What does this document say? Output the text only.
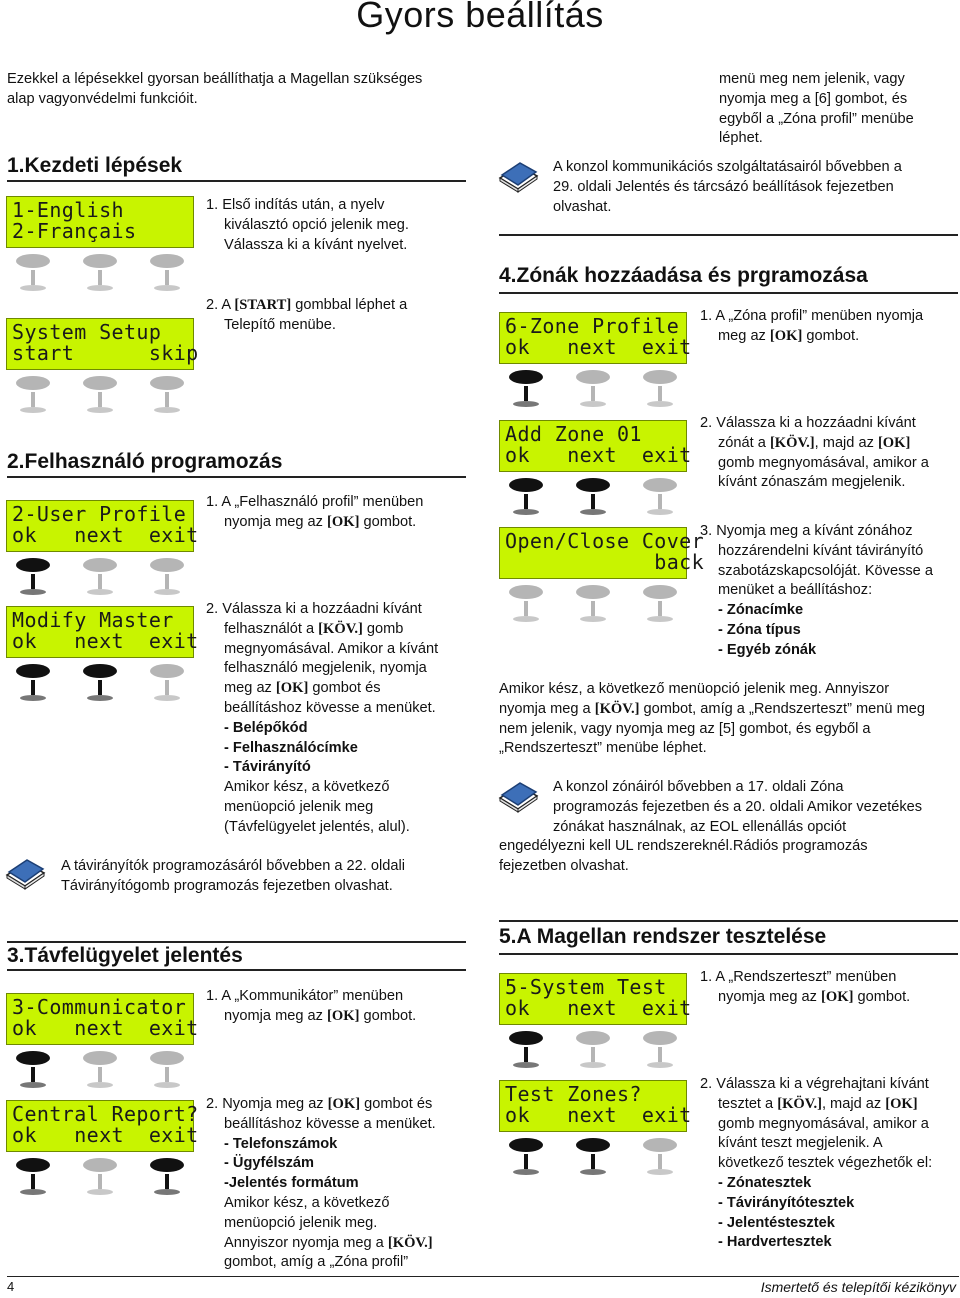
Gyors beállítás
Ezekkel a lépésekkel gyorsan beállíthatja a Magellan szükséges
alap vagyonvédelmi funkcióit.
1.Kezdeti lépések
1-English
2-Français
1. Első indítás után, a nyelv
kiválasztó opció jelenik meg.
Válassza ki a kívánt nyelvet.
System Setup
start      skip
2. A [START] gombbal léphet a
Telepítő menübe.
2.Felhasználó programozás
2-User Profile
ok   next  exit
1. A „Felhasználó profil” menüben
nyomja meg az [OK] gombot.
Modify Master
ok   next  exit
2. Válassza ki a hozzáadni kívánt
felhasználót a [KÖV.] gomb
megnyomásával. Amikor a kívánt
felhasználó megjelenik, nyomja
meg az [OK] gombot és
beállításhoz kövesse a menüket.
- Belépőkód
- Felhasználócímke
- Távirányító
Amikor kész, a következő
menüopció jelenik meg
(Távfelügyelet jelentés, alul).
A távirányítók programozásáról bővebben a 22. oldali
Távirányítógomb programozás fejezetben olvashat.
3.Távfelügyelet jelentés
3-Communicator
ok   next  exit
1. A „Kommunikátor” menüben
nyomja meg az [OK] gombot.
Central Report?
ok   next  exit
2. Nyomja meg az [OK] gombot és
beállításhoz kövesse a menüket.
- Telefonszámok
- Ügyfélszám
-Jelentés formátum
Amikor kész, a következő
menüopció jelenik meg.
Annyiszor nyomja meg a [KÖV.]
gombot, amíg a „Zóna profil”
menü meg nem jelenik, vagy
nyomja meg a [6] gombot, és
egyből a „Zóna profil” menübe
léphet.
A konzol kommunikációs szolgáltatásairól bővebben a
29. oldali Jelentés és tárcsázó beállítások fejezetben
olvashat.
4.Zónák hozzáadása és prgramozása
6-Zone Profile
ok   next  exit
1. A „Zóna profil” menüben nyomja
meg az [OK] gombot.
Add Zone 01
ok   next  exit
2. Válassza ki a hozzáadni kívánt
zónát a [KÖV.], majd az [OK]
gomb megnyomásával, amikor a
kívánt zónaszám megjelenik.
Open/Close Cover
back
3. Nyomja meg a kívánt zónához
hozzárendelni kívánt távirányító
szabotázskapcsolóját. Kövesse a
menüket a beállításhoz:
- Zónacímke
- Zóna típus
- Egyéb zónák
Amikor kész, a következő menüopció jelenik meg. Annyiszor
nyomja meg a [KÖV.] gombot, amíg a „Rendszerteszt” menü meg
nem jelenik, vagy nyomja meg az [5] gombot, és egyből a
„Rendszerteszt” menübe léphet.
A konzol zónáiról bővebben a 17. oldali Zóna
programozás fejezetben és a 20. oldali Amikor vezetékes
zónákat használnak, az EOL ellenállás opciót
engedélyezni kell UL rendszereknél.Rádiós programozás
fejezetben olvashat.
5.A Magellan rendszer tesztelése
5-System Test
ok   next  exit
1. A „Rendszerteszt” menüben
nyomja meg az [OK] gombot.
Test Zones?
ok   next  exit
2. Válassza ki a végrehajtani kívánt
tesztet a [KÖV.], majd az [OK]
gomb megnyomásával, amikor a
kívánt teszt megjelenik. A
következő tesztek végezhetők el:
- Zónatesztek
- Távirányítótesztek
- Jelentéstesztek
- Hardvertesztek
4	Ismertető és telepítői kézikönyv
